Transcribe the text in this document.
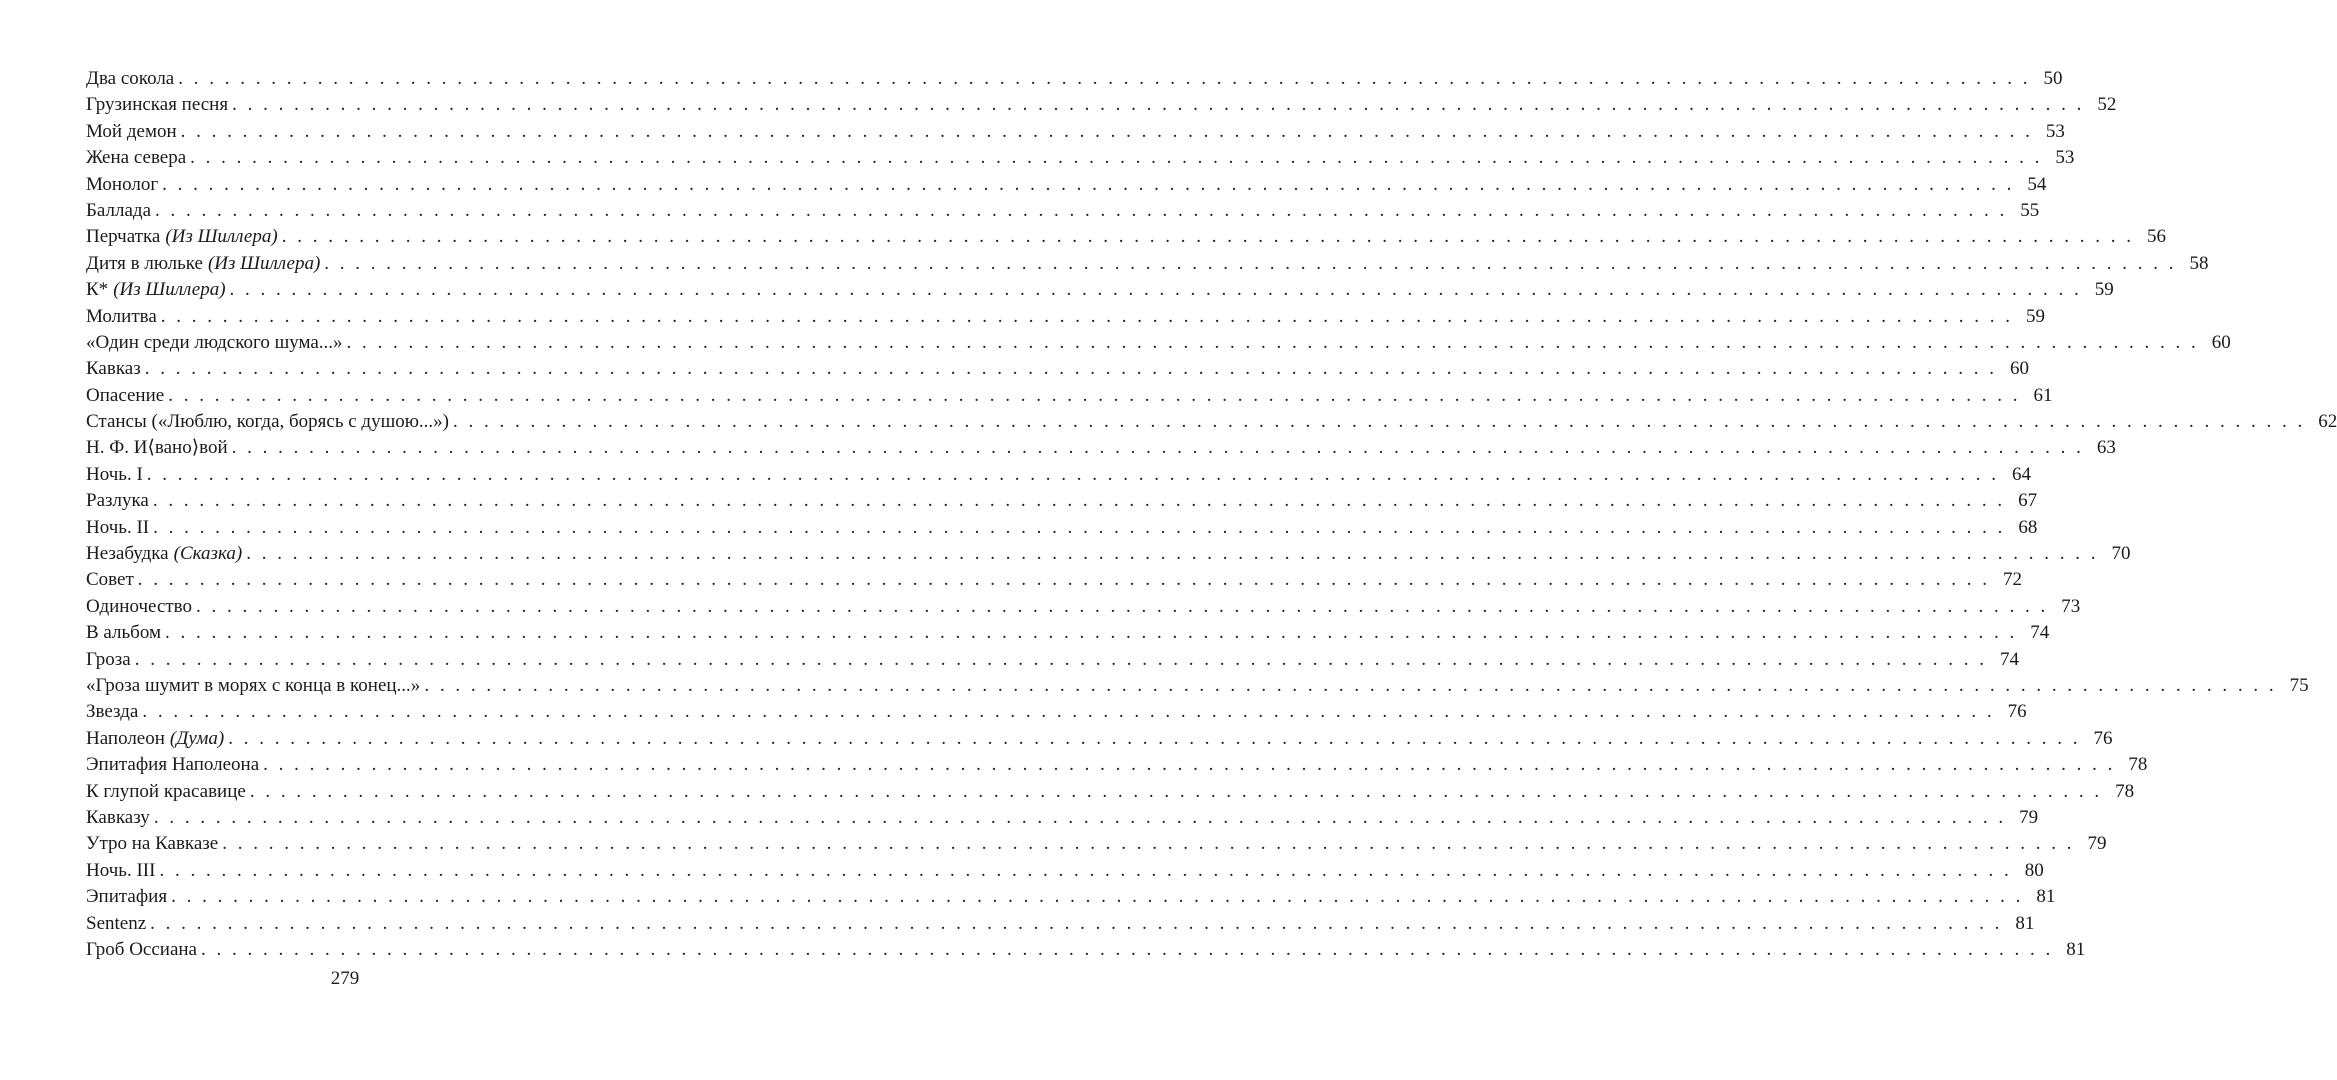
Два сокола . . . . . . . . . . . . . . . . . . . . . . . . . . . . . . . . . . . . . . . . . . . . . . . . . . . . . . . . . . . . . . . . . . . . . . . . . . . . . . . . . . . . . . . . . . . . . . . . . . . . . . . . . . . . . . . . . . . . . . . . 50
Грузинская песня . . . . . . . . . . . . . . . . . . . . . . . . . . . . . . . . . . . . . . . . . . . . . . . . . . . . . . . . . . . . . . . . . . . . . . . . . . . . . . . . . . . . . . . . . . . . . . . . . . . . . . . . . . . . . . . . . . . . . . . . 52
Мой демон . . . . . . . . . . . . . . . . . . . . . . . . . . . . . . . . . . . . . . . . . . . . . . . . . . . . . . . . . . . . . . . . . . . . . . . . . . . . . . . . . . . . . . . . . . . . . . . . . . . . . . . . . . . . . . . . . . . . . . . . 53
Жена севера . . . . . . . . . . . . . . . . . . . . . . . . . . . . . . . . . . . . . . . . . . . . . . . . . . . . . . . . . . . . . . . . . . . . . . . . . . . . . . . . . . . . . . . . . . . . . . . . . . . . . . . . . . . . . . . . . . . . . . . . 53
Монолог . . . . . . . . . . . . . . . . . . . . . . . . . . . . . . . . . . . . . . . . . . . . . . . . . . . . . . . . . . . . . . . . . . . . . . . . . . . . . . . . . . . . . . . . . . . . . . . . . . . . . . . . . . . . . . . . . . . . . . . . 54
Баллада . . . . . . . . . . . . . . . . . . . . . . . . . . . . . . . . . . . . . . . . . . . . . . . . . . . . . . . . . . . . . . . . . . . . . . . . . . . . . . . . . . . . . . . . . . . . . . . . . . . . . . . . . . . . . . . . . . . . . . . . 55
Перчатка (Из Шиллера) . . . . . . . . . . . . . . . . . . . . . . . . . . . . . . . . . . . . . . . . . . . . . . . . . . . . . . . . . . . . . . . . . . . . . . . . . . . . . . . . . . . . . . . . . . . . . . . . . . . . . . . . . . . . . . . . . . . . . . . . 56
Дитя в люльке (Из Шиллера) . . . . . . . . . . . . . . . . . . . . . . . . . . . . . . . . . . . . . . . . . . . . . . . . . . . . . . . . . . . . . . . . . . . . . . . . . . . . . . . . . . . . . . . . . . . . . . . . . . . . . . . . . . . . . . . . . . . . . . . . 58
К* (Из Шиллера) . . . . . . . . . . . . . . . . . . . . . . . . . . . . . . . . . . . . . . . . . . . . . . . . . . . . . . . . . . . . . . . . . . . . . . . . . . . . . . . . . . . . . . . . . . . . . . . . . . . . . . . . . . . . . . . . . . . . . . . . 59
Молитва . . . . . . . . . . . . . . . . . . . . . . . . . . . . . . . . . . . . . . . . . . . . . . . . . . . . . . . . . . . . . . . . . . . . . . . . . . . . . . . . . . . . . . . . . . . . . . . . . . . . . . . . . . . . . . . . . . . . . . . . 59
«Один среди людского шума...» . . . . . . . . . . . . . . . . . . . . . . . . . . . . . . . . . . . . . . . . . . . . . . . . . . . . . . . . . . . . . . . . . . . . . . . . . . . . . . . . . . . . . . . . . . . . . . . . . . . . . . . . . . . . . . . . . . . . . . . . 60
Кавказ . . . . . . . . . . . . . . . . . . . . . . . . . . . . . . . . . . . . . . . . . . . . . . . . . . . . . . . . . . . . . . . . . . . . . . . . . . . . . . . . . . . . . . . . . . . . . . . . . . . . . . . . . . . . . . . . . . . . . . . . 60
Опасение . . . . . . . . . . . . . . . . . . . . . . . . . . . . . . . . . . . . . . . . . . . . . . . . . . . . . . . . . . . . . . . . . . . . . . . . . . . . . . . . . . . . . . . . . . . . . . . . . . . . . . . . . . . . . . . . . . . . . . . . 61
Стансы («Люблю, когда, борясь с душою...») . . . . . . . . . . . . . . . . . . . . . . . . . . . . . . . . . . . . . . . . . . . . . . . . . . . . . . . . . . . . . . . . . . . . . . . . . . . . . . . . . . . . . . . . . . . . . . . . . . . . . . . . . . . . . . . . . . . . . . . . 62
Н. Ф. И⟨вано⟩вой . . . . . . . . . . . . . . . . . . . . . . . . . . . . . . . . . . . . . . . . . . . . . . . . . . . . . . . . . . . . . . . . . . . . . . . . . . . . . . . . . . . . . . . . . . . . . . . . . . . . . . . . . . . . . . . . . . . . . . . . 63
Ночь. I . . . . . . . . . . . . . . . . . . . . . . . . . . . . . . . . . . . . . . . . . . . . . . . . . . . . . . . . . . . . . . . . . . . . . . . . . . . . . . . . . . . . . . . . . . . . . . . . . . . . . . . . . . . . . . . . . . . . . . . . 64
Разлука . . . . . . . . . . . . . . . . . . . . . . . . . . . . . . . . . . . . . . . . . . . . . . . . . . . . . . . . . . . . . . . . . . . . . . . . . . . . . . . . . . . . . . . . . . . . . . . . . . . . . . . . . . . . . . . . . . . . . . . . 67
Ночь. II . . . . . . . . . . . . . . . . . . . . . . . . . . . . . . . . . . . . . . . . . . . . . . . . . . . . . . . . . . . . . . . . . . . . . . . . . . . . . . . . . . . . . . . . . . . . . . . . . . . . . . . . . . . . . . . . . . . . . . . . 68
Незабудка (Сказка) . . . . . . . . . . . . . . . . . . . . . . . . . . . . . . . . . . . . . . . . . . . . . . . . . . . . . . . . . . . . . . . . . . . . . . . . . . . . . . . . . . . . . . . . . . . . . . . . . . . . . . . . . . . . . . . . . . . . . . . . 70
Совет . . . . . . . . . . . . . . . . . . . . . . . . . . . . . . . . . . . . . . . . . . . . . . . . . . . . . . . . . . . . . . . . . . . . . . . . . . . . . . . . . . . . . . . . . . . . . . . . . . . . . . . . . . . . . . . . . . . . . . . . 72
Одиночество . . . . . . . . . . . . . . . . . . . . . . . . . . . . . . . . . . . . . . . . . . . . . . . . . . . . . . . . . . . . . . . . . . . . . . . . . . . . . . . . . . . . . . . . . . . . . . . . . . . . . . . . . . . . . . . . . . . . . . . . 73
В альбом . . . . . . . . . . . . . . . . . . . . . . . . . . . . . . . . . . . . . . . . . . . . . . . . . . . . . . . . . . . . . . . . . . . . . . . . . . . . . . . . . . . . . . . . . . . . . . . . . . . . . . . . . . . . . . . . . . . . . . . . 74
Гроза . . . . . . . . . . . . . . . . . . . . . . . . . . . . . . . . . . . . . . . . . . . . . . . . . . . . . . . . . . . . . . . . . . . . . . . . . . . . . . . . . . . . . . . . . . . . . . . . . . . . . . . . . . . . . . . . . . . . . . . . 74
«Гроза шумит в морях с конца в конец...» . . . . . . . . . . . . . . . . . . . . . . . . . . . . . . . . . . . . . . . . . . . . . . . . . . . . . . . . . . . . . . . . . . . . . . . . . . . . . . . . . . . . . . . . . . . . . . . . . . . . . . . . . . . . . . . . . . . . . . . . 75
Звезда . . . . . . . . . . . . . . . . . . . . . . . . . . . . . . . . . . . . . . . . . . . . . . . . . . . . . . . . . . . . . . . . . . . . . . . . . . . . . . . . . . . . . . . . . . . . . . . . . . . . . . . . . . . . . . . . . . . . . . . . 76
Наполеон (Дума) . . . . . . . . . . . . . . . . . . . . . . . . . . . . . . . . . . . . . . . . . . . . . . . . . . . . . . . . . . . . . . . . . . . . . . . . . . . . . . . . . . . . . . . . . . . . . . . . . . . . . . . . . . . . . . . . . . . . . . . . 76
Эпитафия Наполеона . . . . . . . . . . . . . . . . . . . . . . . . . . . . . . . . . . . . . . . . . . . . . . . . . . . . . . . . . . . . . . . . . . . . . . . . . . . . . . . . . . . . . . . . . . . . . . . . . . . . . . . . . . . . . . . . . . . . . . . . 78
К глупой красавице . . . . . . . . . . . . . . . . . . . . . . . . . . . . . . . . . . . . . . . . . . . . . . . . . . . . . . . . . . . . . . . . . . . . . . . . . . . . . . . . . . . . . . . . . . . . . . . . . . . . . . . . . . . . . . . . . . . . . . . . 78
Кавказу . . . . . . . . . . . . . . . . . . . . . . . . . . . . . . . . . . . . . . . . . . . . . . . . . . . . . . . . . . . . . . . . . . . . . . . . . . . . . . . . . . . . . . . . . . . . . . . . . . . . . . . . . . . . . . . . . . . . . . . . 79
Утро на Кавказе . . . . . . . . . . . . . . . . . . . . . . . . . . . . . . . . . . . . . . . . . . . . . . . . . . . . . . . . . . . . . . . . . . . . . . . . . . . . . . . . . . . . . . . . . . . . . . . . . . . . . . . . . . . . . . . . . . . . . . . . 79
Ночь. III . . . . . . . . . . . . . . . . . . . . . . . . . . . . . . . . . . . . . . . . . . . . . . . . . . . . . . . . . . . . . . . . . . . . . . . . . . . . . . . . . . . . . . . . . . . . . . . . . . . . . . . . . . . . . . . . . . . . . . . . 80
Эпитафия . . . . . . . . . . . . . . . . . . . . . . . . . . . . . . . . . . . . . . . . . . . . . . . . . . . . . . . . . . . . . . . . . . . . . . . . . . . . . . . . . . . . . . . . . . . . . . . . . . . . . . . . . . . . . . . . . . . . . . . . 81
Sentenz . . . . . . . . . . . . . . . . . . . . . . . . . . . . . . . . . . . . . . . . . . . . . . . . . . . . . . . . . . . . . . . . . . . . . . . . . . . . . . . . . . . . . . . . . . . . . . . . . . . . . . . . . . . . . . . . . . . . . . . . 81
Гроб Оссиана . . . . . . . . . . . . . . . . . . . . . . . . . . . . . . . . . . . . . . . . . . . . . . . . . . . . . . . . . . . . . . . . . . . . . . . . . . . . . . . . . . . . . . . . . . . . . . . . . . . . . . . . . . . . . . . . . . . . . . . . 81
279
